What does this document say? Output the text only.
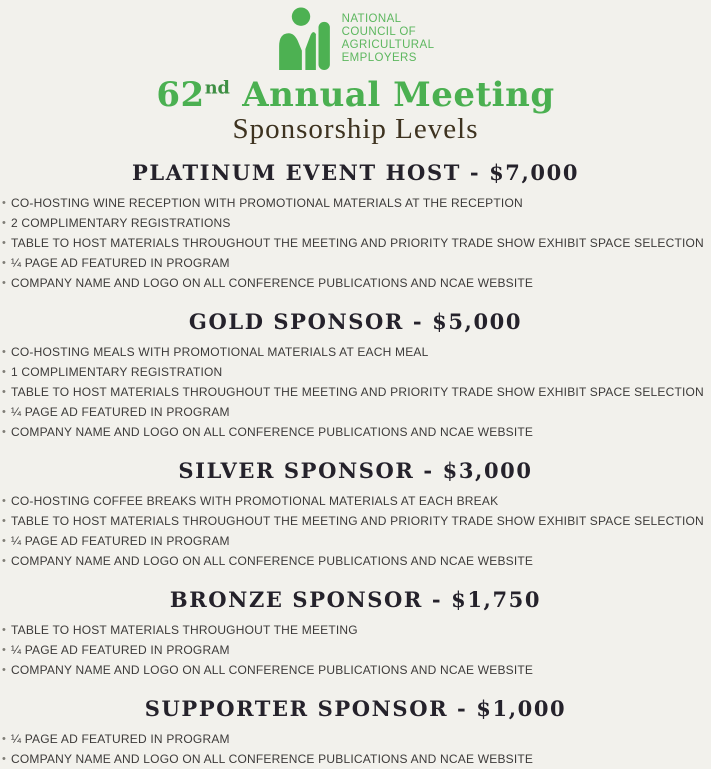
NATIONAL
COUNCIL OF
AGRICULTURAL
EMPLOYERS
62nd Annual Meeting
Sponsorship Levels
PLATINUM EVENT HOST - $7,000
• CO-HOSTING WINE RECEPTION WITH PROMOTIONAL MATERIALS AT THE RECEPTION
• 2 COMPLIMENTARY REGISTRATIONS
• TABLE TO HOST MATERIALS THROUGHOUT THE MEETING AND PRIORITY TRADE SHOW EXHIBIT SPACE SELECTION
• ¼ PAGE AD FEATURED IN PROGRAM
• COMPANY NAME AND LOGO ON ALL CONFERENCE PUBLICATIONS AND NCAE WEBSITE
GOLD SPONSOR - $5,000
• CO-HOSTING MEALS WITH PROMOTIONAL MATERIALS AT EACH MEAL
• 1 COMPLIMENTARY REGISTRATION
• TABLE TO HOST MATERIALS THROUGHOUT THE MEETING AND PRIORITY TRADE SHOW EXHIBIT SPACE SELECTION
• ¼ PAGE AD FEATURED IN PROGRAM
• COMPANY NAME AND LOGO ON ALL CONFERENCE PUBLICATIONS AND NCAE WEBSITE
SILVER SPONSOR - $3,000
• CO-HOSTING COFFEE BREAKS WITH PROMOTIONAL MATERIALS AT EACH BREAK
• TABLE TO HOST MATERIALS THROUGHOUT THE MEETING AND PRIORITY TRADE SHOW EXHIBIT SPACE SELECTION
• ¼ PAGE AD FEATURED IN PROGRAM
• COMPANY NAME AND LOGO ON ALL CONFERENCE PUBLICATIONS AND NCAE WEBSITE
BRONZE SPONSOR - $1,750
• TABLE TO HOST MATERIALS THROUGHOUT THE MEETING
• ¼ PAGE AD FEATURED IN PROGRAM
• COMPANY NAME AND LOGO ON ALL CONFERENCE PUBLICATIONS AND NCAE WEBSITE
SUPPORTER SPONSOR - $1,000
• ¼ PAGE AD FEATURED IN PROGRAM
• COMPANY NAME AND LOGO ON ALL CONFERENCE PUBLICATIONS AND NCAE WEBSITE
